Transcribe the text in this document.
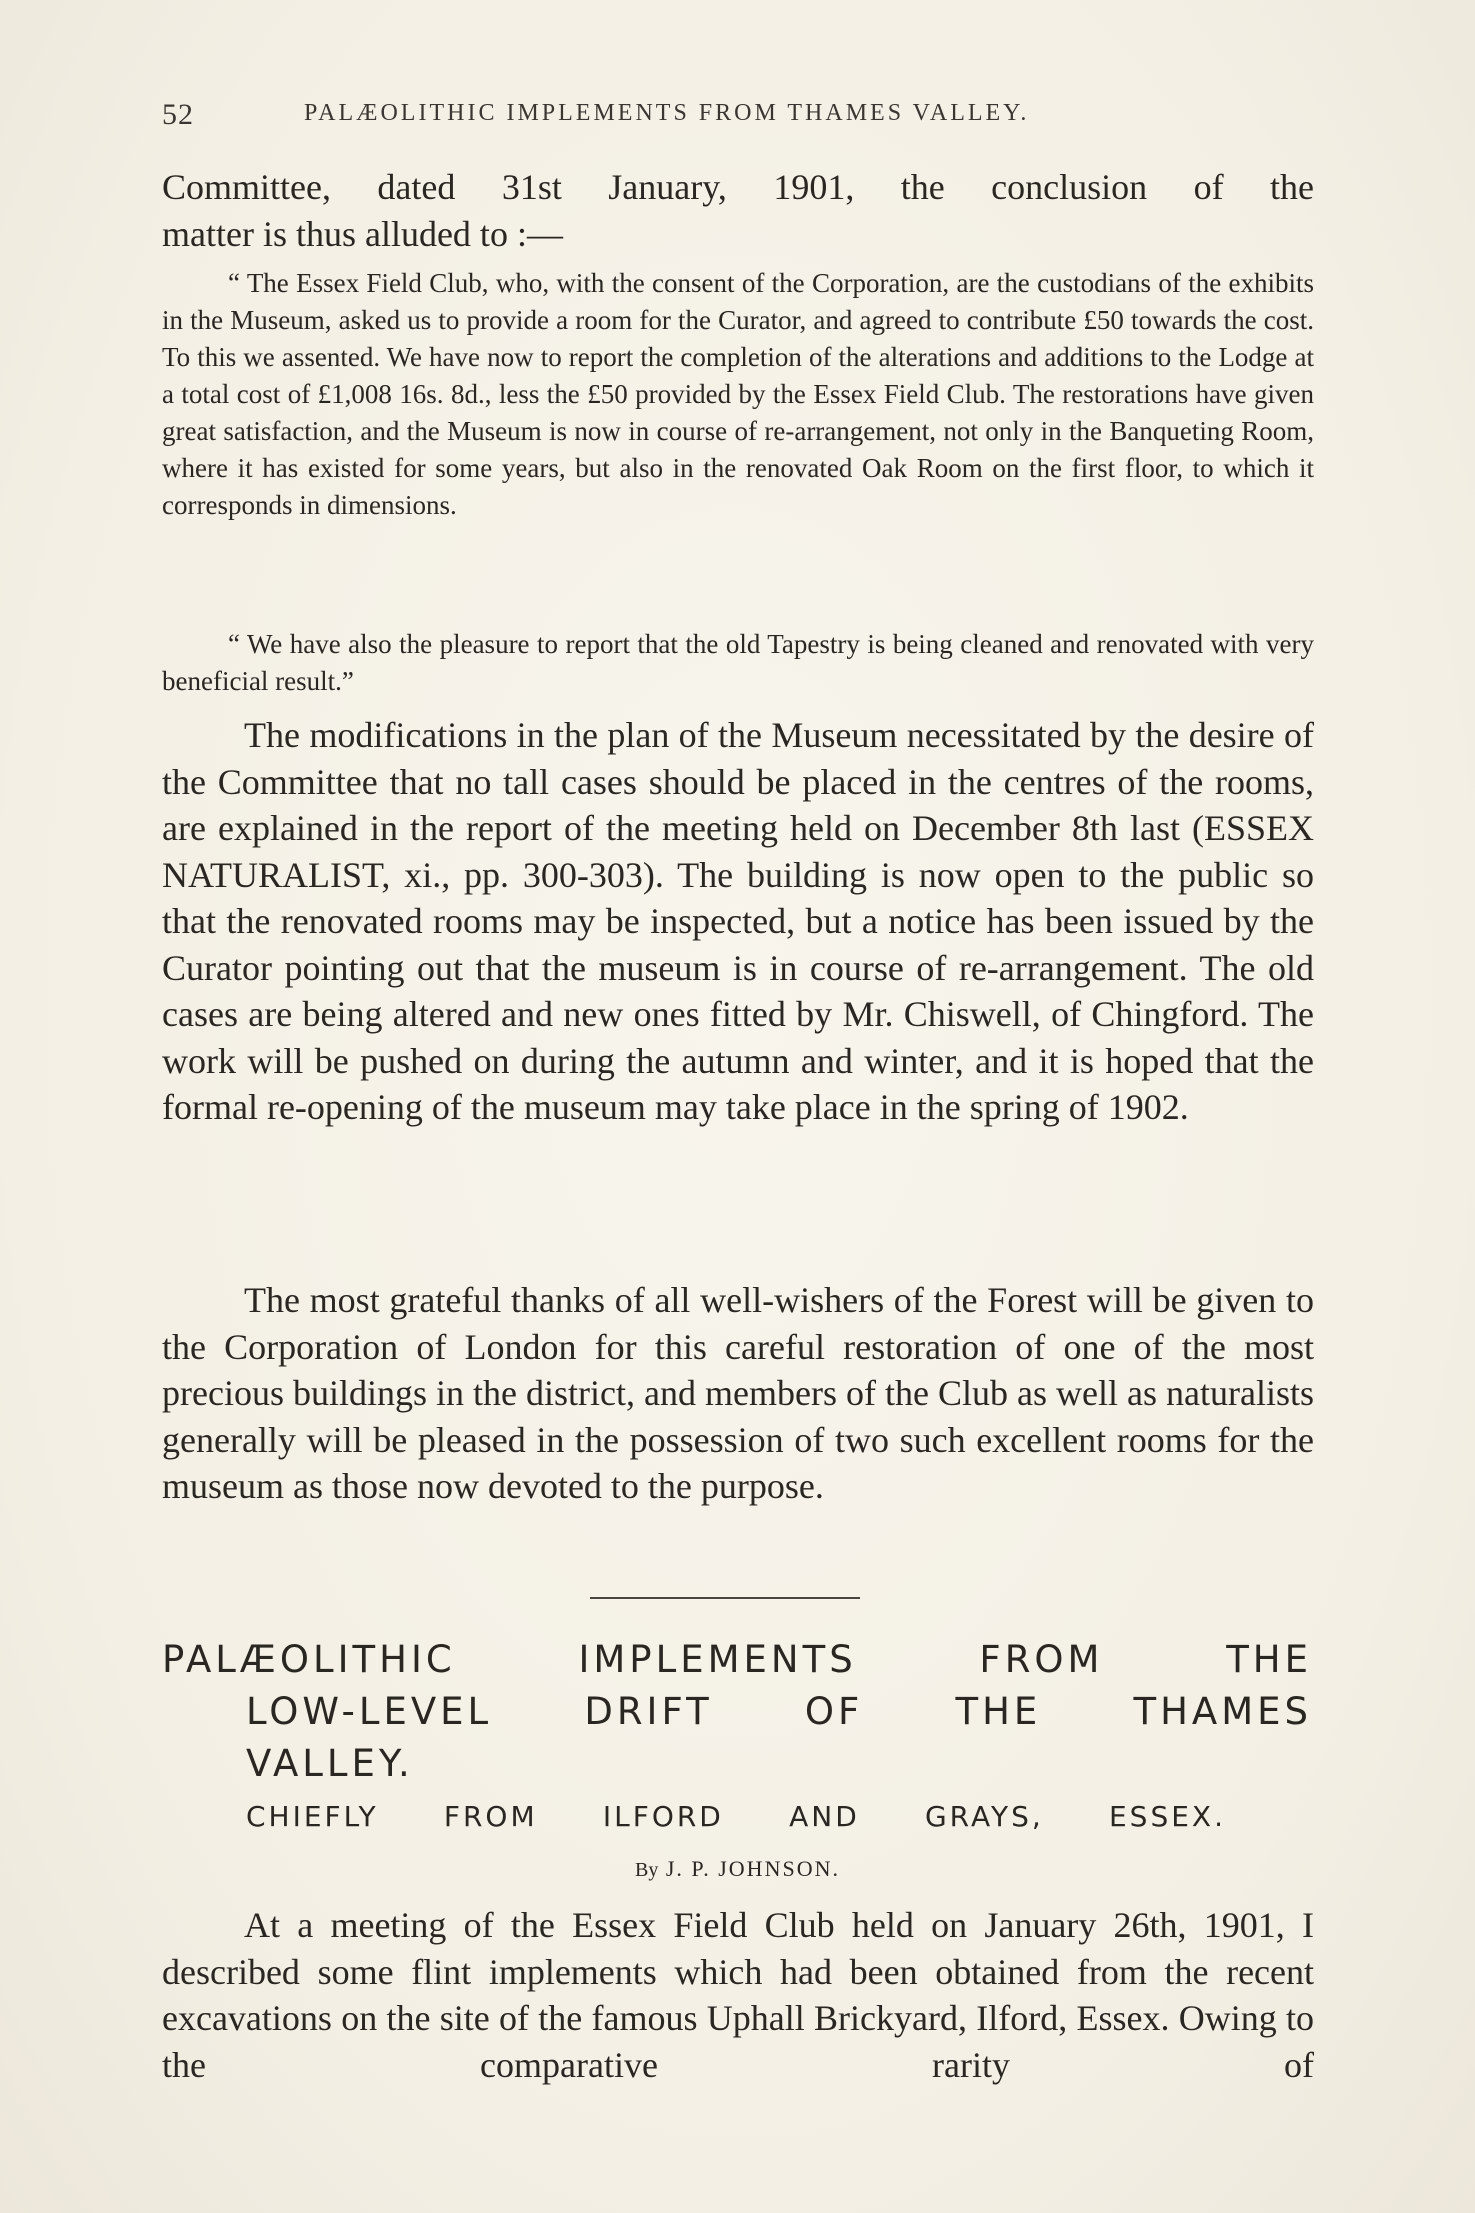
52	PALÆOLITHIC IMPLEMENTS FROM THAMES VALLEY.
Committee, dated 31st January, 1901, the conclusion of the
matter is thus alluded to :—
“ The Essex Field Club, who, with the consent of the Corporation, are the custodians of the exhibits in the Museum, asked us to provide a room for the Curator, and agreed to contribute £50 towards the cost. To this we assented. We have now to report the completion of the alterations and additions to the Lodge at a total cost of £1,008 16s. 8d., less the £50 provided by the Essex Field Club. The restorations have given great satisfaction, and the Museum is now in course of re-arrangement, not only in the Banqueting Room, where it has existed for some years, but also in the renovated Oak Room on the first floor, to which it corresponds in dimensions.
“ We have also the pleasure to report that the old Tapestry is being cleaned and renovated with very beneficial result.”
The modifications in the plan of the Museum necessitated by the desire of the Committee that no tall cases should be placed in the centres of the rooms, are explained in the report of the meeting held on December 8th last (ESSEX NATURALIST, xi., pp. 300-303). The building is now open to the public so that the renovated rooms may be inspected, but a notice has been issued by the Curator pointing out that the museum is in course of re-arrangement. The old cases are being altered and new ones fitted by Mr. Chiswell, of Chingford. The work will be pushed on during the autumn and winter, and it is hoped that the formal re-opening of the museum may take place in the spring of 1902.
The most grateful thanks of all well-wishers of the Forest will be given to the Corporation of London for this careful restoration of one of the most precious buildings in the district, and members of the Club as well as naturalists generally will be pleased in the possession of two such excellent rooms for the museum as those now devoted to the purpose.
PALÆOLITHIC IMPLEMENTS FROM THE
LOW-LEVEL DRIFT OF THE THAMES
VALLEY.
CHIEFLY FROM ILFORD AND GRAYS, ESSEX.
By J. P. JOHNSON.
At a meeting of the Essex Field Club held on January 26th, 1901, I described some flint implements which had been obtained from the recent excavations on the site of the famous Uphall Brickyard, Ilford, Essex. Owing to the comparative rarity of
